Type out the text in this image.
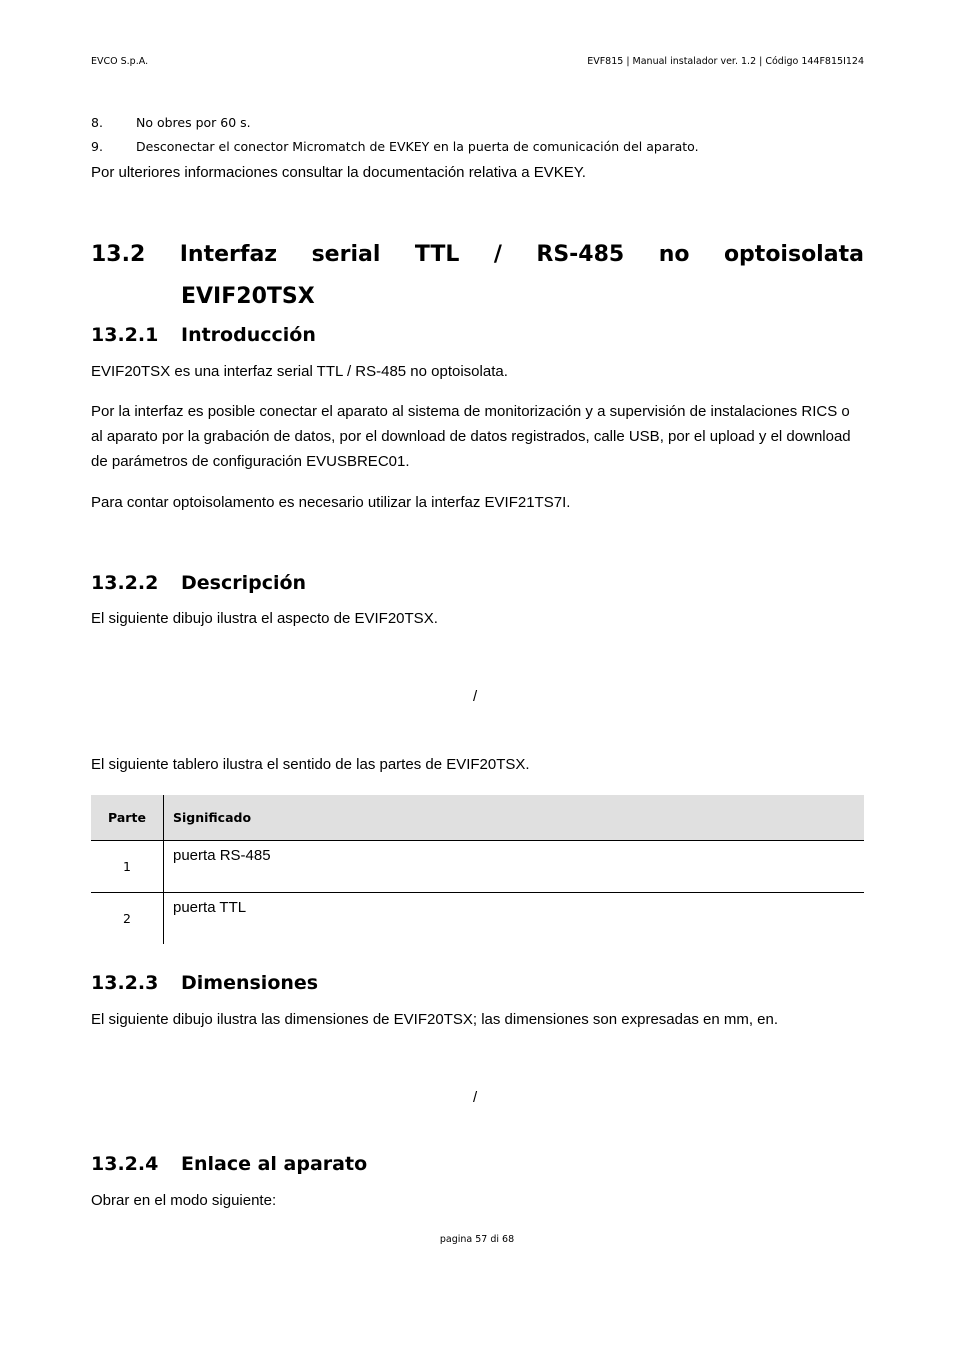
EVCO S.p.A.	EVF815 | Manual instalador ver. 1.2 | Código 144F815I124
8.	No obres por 60 s.
9.	Desconectar el conector Micromatch de EVKEY en la puerta de comunicación del aparato.
Por ulteriores informaciones consultar la documentación relativa a EVKEY.
13.2 Interfaz serial TTL / RS-485 no optoisolata
EVIF20TSX
13.2.1 Introducción
EVIF20TSX es una interfaz serial TTL / RS-485 no optoisolata.
Por la interfaz es posible conectar el aparato al sistema de monitorización y a supervisión de instalaciones RICS o al aparato por la grabación de datos, por el download de datos registrados, calle USB, por el upload y el download de parámetros de configuración EVUSBREC01.
Para contar optoisolamento es necesario utilizar la interfaz EVIF21TS7I.
13.2.2 Descripción
El siguiente dibujo ilustra el aspecto de EVIF20TSX.
/
El siguiente tablero ilustra el sentido de las partes de EVIF20TSX.
Parte	Significado
1	puerta RS-485
2	puerta TTL
13.2.3 Dimensiones
El siguiente dibujo ilustra las dimensiones de EVIF20TSX; las dimensiones son expresadas en mm, en.
/
13.2.4 Enlace al aparato
Obrar en el modo siguiente:
pagina 57 di 68
